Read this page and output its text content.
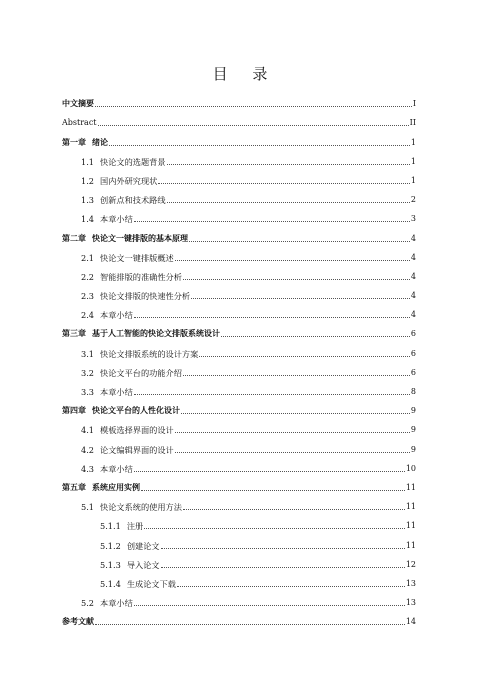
目 录
中文摘要	I
Abstract	II
第一章 绪论	1
1.1 快论文的选题背景	1
1.2 国内外研究现状	1
1.3 创新点和技术路线	2
1.4 本章小结	3
第二章 快论文一键排版的基本原理	4
2.1 快论文一键排版概述	4
2.2 智能排版的准确性分析	4
2.3 快论文排版的快速性分析	4
2.4 本章小结	4
第三章 基于人工智能的快论文排版系统设计	6
3.1 快论文排版系统的设计方案	6
3.2 快论文平台的功能介绍	6
3.3 本章小结	8
第四章 快论文平台的人性化设计	9
4.1 模板选择界面的设计	9
4.2 论文编辑界面的设计	9
4.3 本章小结	10
第五章 系统应用实例	11
5.1 快论文系统的使用方法	11
5.1.1 注册	11
5.1.2 创建论文	11
5.1.3 导入论文	12
5.1.4 生成论文下载	13
5.2 本章小结	13
参考文献	14
